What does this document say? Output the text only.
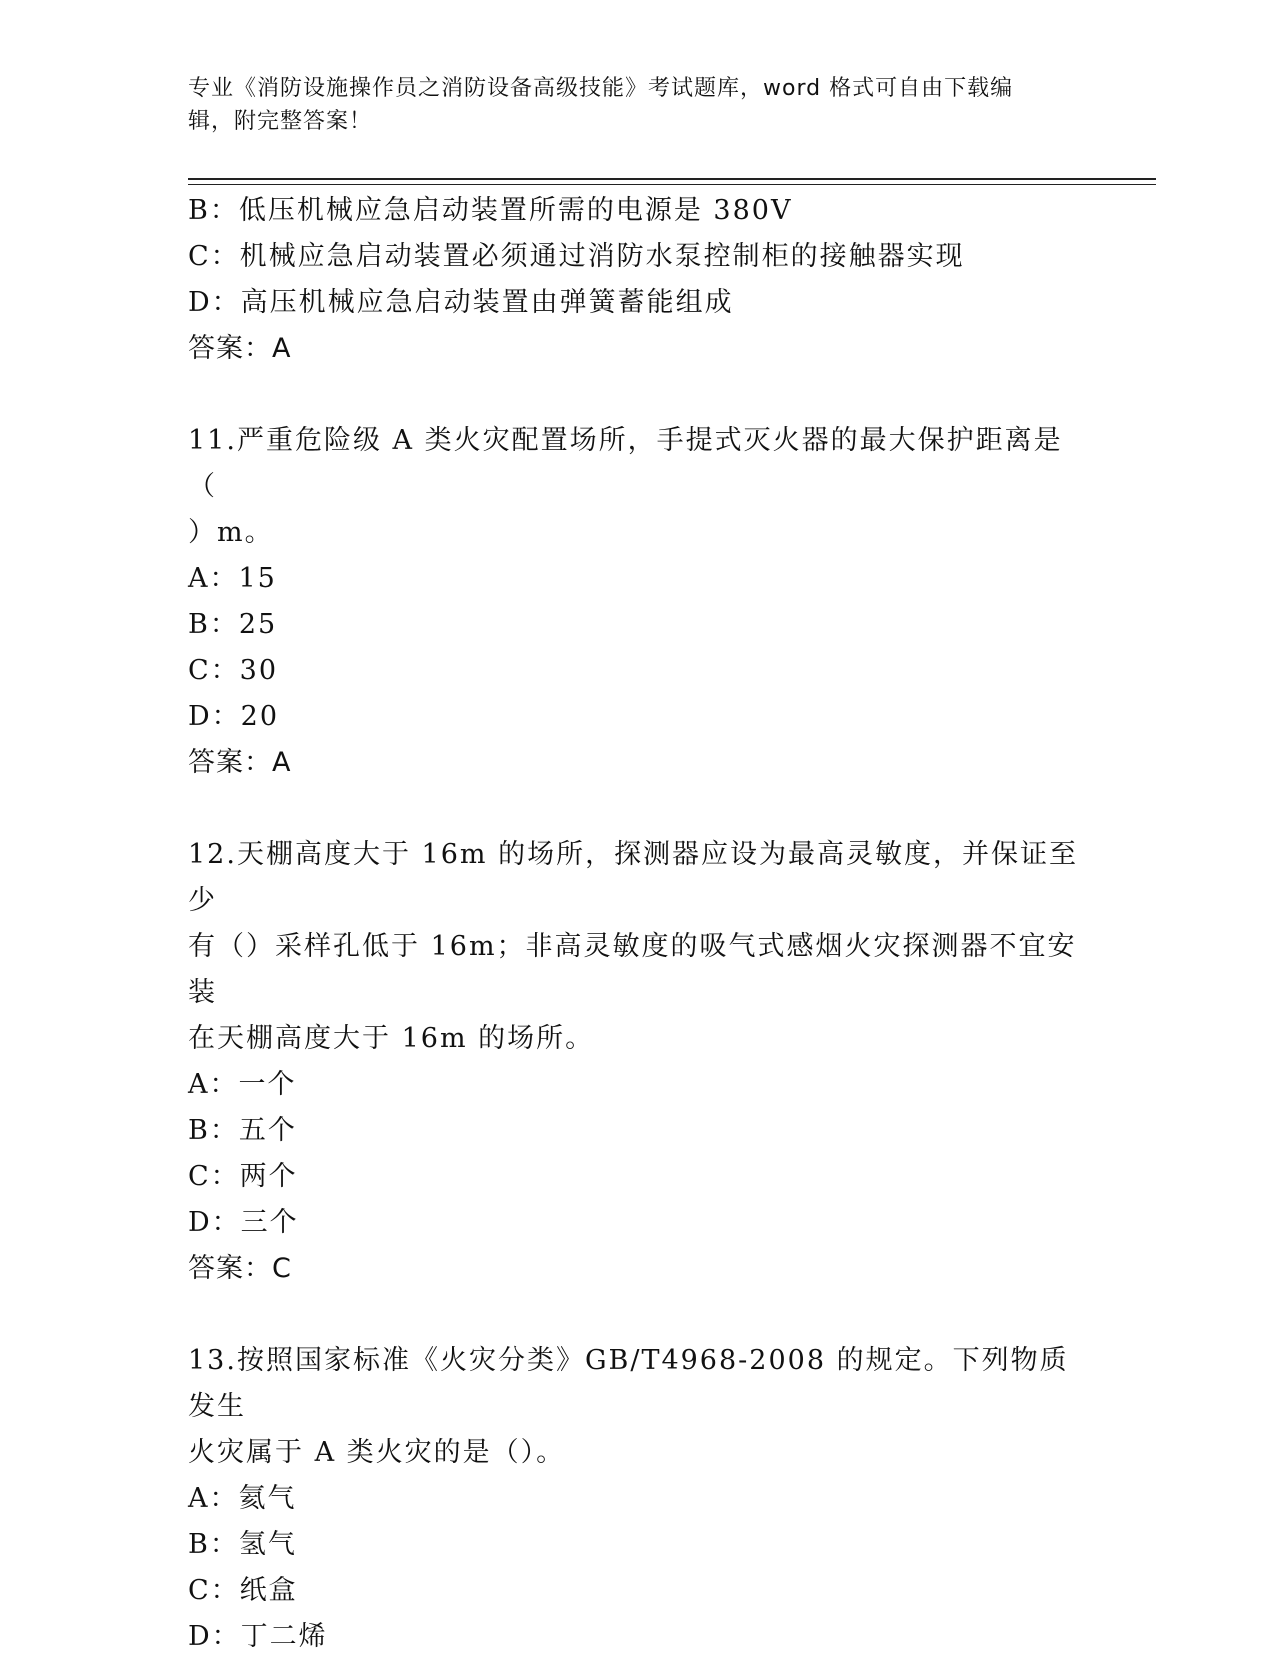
专业《消防设施操作员之消防设备高级技能》考试题库，word 格式可自由下载编
辑，附完整答案！
B：低压机械应急启动装置所需的电源是 380V
C：机械应急启动装置必须通过消防水泵控制柜的接触器实现
D：高压机械应急启动装置由弹簧蓄能组成
答案：A
11.严重危险级 A 类火灾配置场所，手提式灭火器的最大保护距离是（
）m。
A：15
B：25
C：30
D：20
答案：A
12.天棚高度大于 16m 的场所，探测器应设为最高灵敏度，并保证至少
有（）采样孔低于 16m；非高灵敏度的吸气式感烟火灾探测器不宜安装
在天棚高度大于 16m 的场所。
A：一个
B：五个
C：两个
D：三个
答案：C
13.按照国家标准《火灾分类》GB/T4968-2008 的规定。下列物质发生
火灾属于 A 类火灾的是（）。
A：氦气
B：氢气
C：纸盒
D：丁二烯
